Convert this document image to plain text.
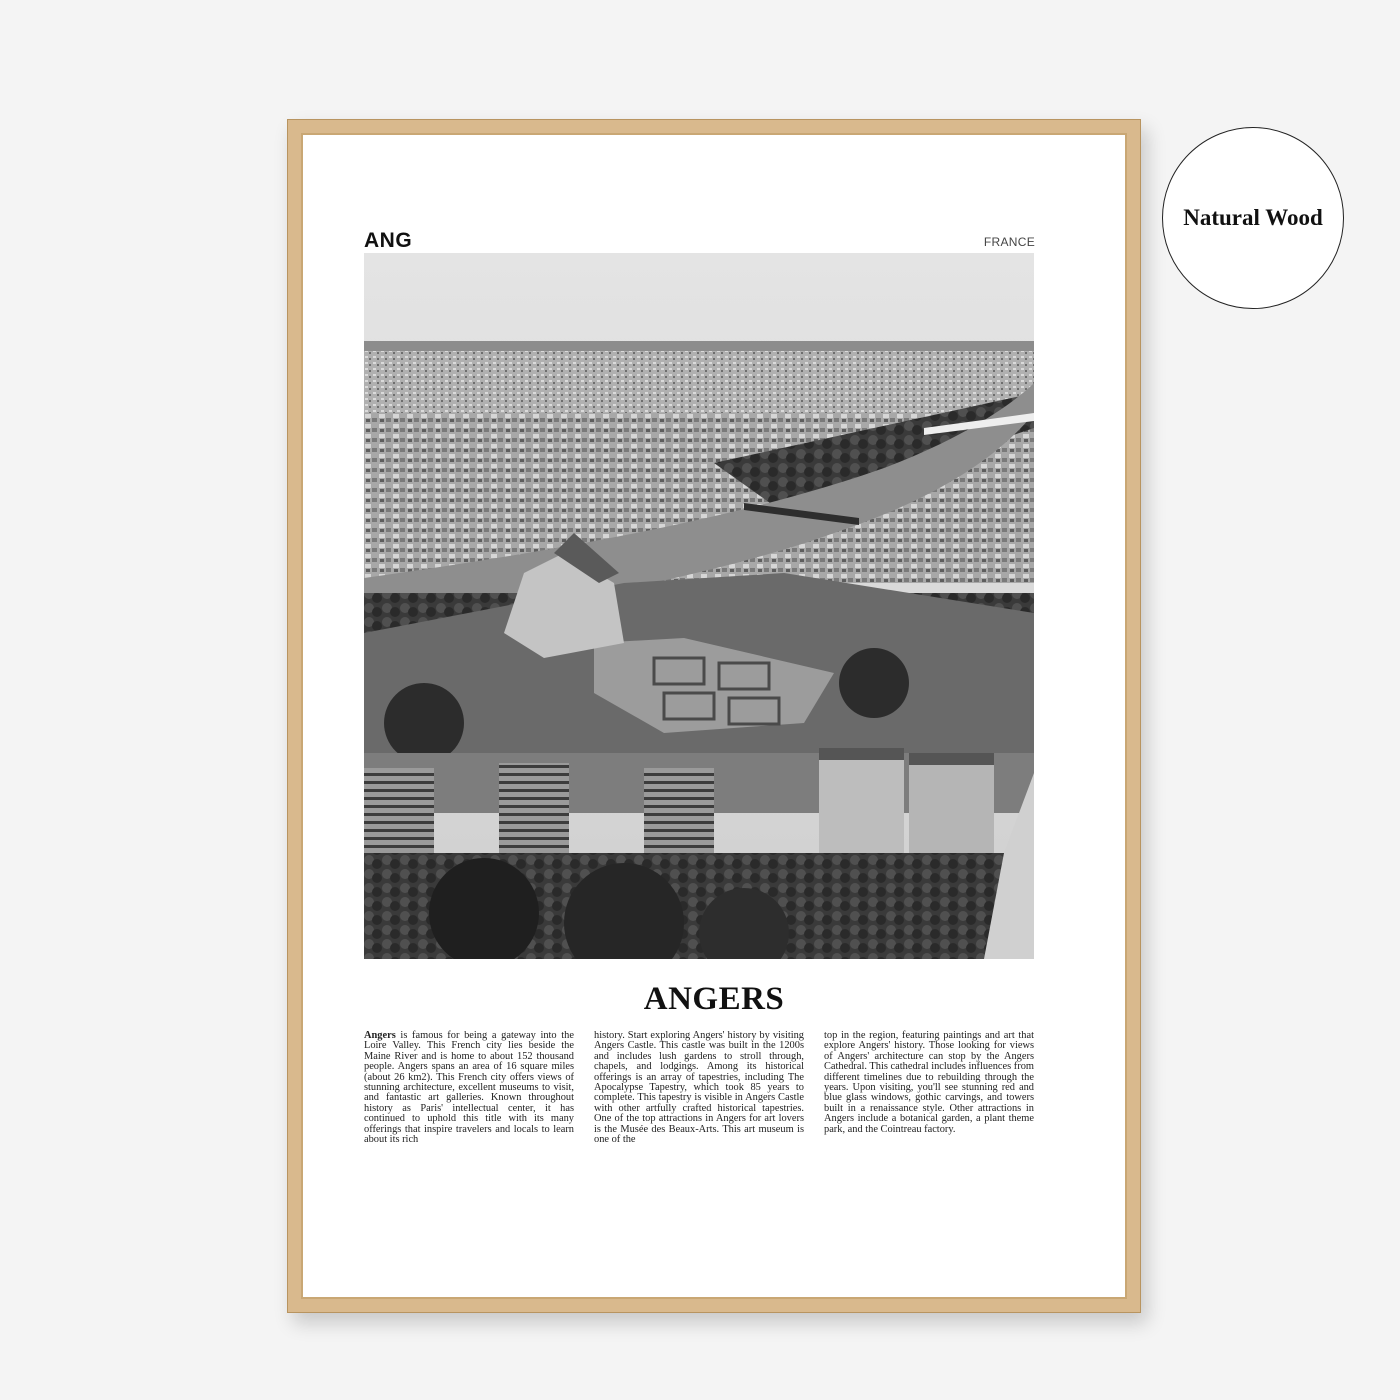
ANG	FRANCE
ANGERS
Angers is famous for being a gateway into the Loire Valley. This French city lies beside the Maine River and is home to about 152 thousand people. Angers spans an area of 16 square miles (about 26 km2). This French city offers views of stunning architecture, excellent museums to visit, and fantastic art galleries. Known throughout history as Paris' intellectual center, it has continued to uphold this title with its many offerings that inspire travelers and locals to learn about its rich
history. Start exploring Angers' history by visiting Angers Castle. This castle was built in the 1200s and includes lush gardens to stroll through, chapels, and lodgings. Among its historical offerings is an array of tapestries, including The Apocalypse Tapestry, which took 85 years to complete. This tapestry is visible in Angers Castle with other artfully crafted historical tapestries. One of the top attractions in Angers for art lovers is the Musée des Beaux-Arts. This art museum is one of the
top in the region, featuring paintings and art that explore Angers' history. Those looking for views of Angers' architecture can stop by the Angers Cathedral. This cathedral includes influences from different timelines due to rebuilding through the years. Upon visiting, you'll see stunning red and blue glass windows, gothic carvings, and towers built in a renaissance style. Other attractions in Angers include a botanical garden, a plant theme park, and the Cointreau factory.
Natural Wood
